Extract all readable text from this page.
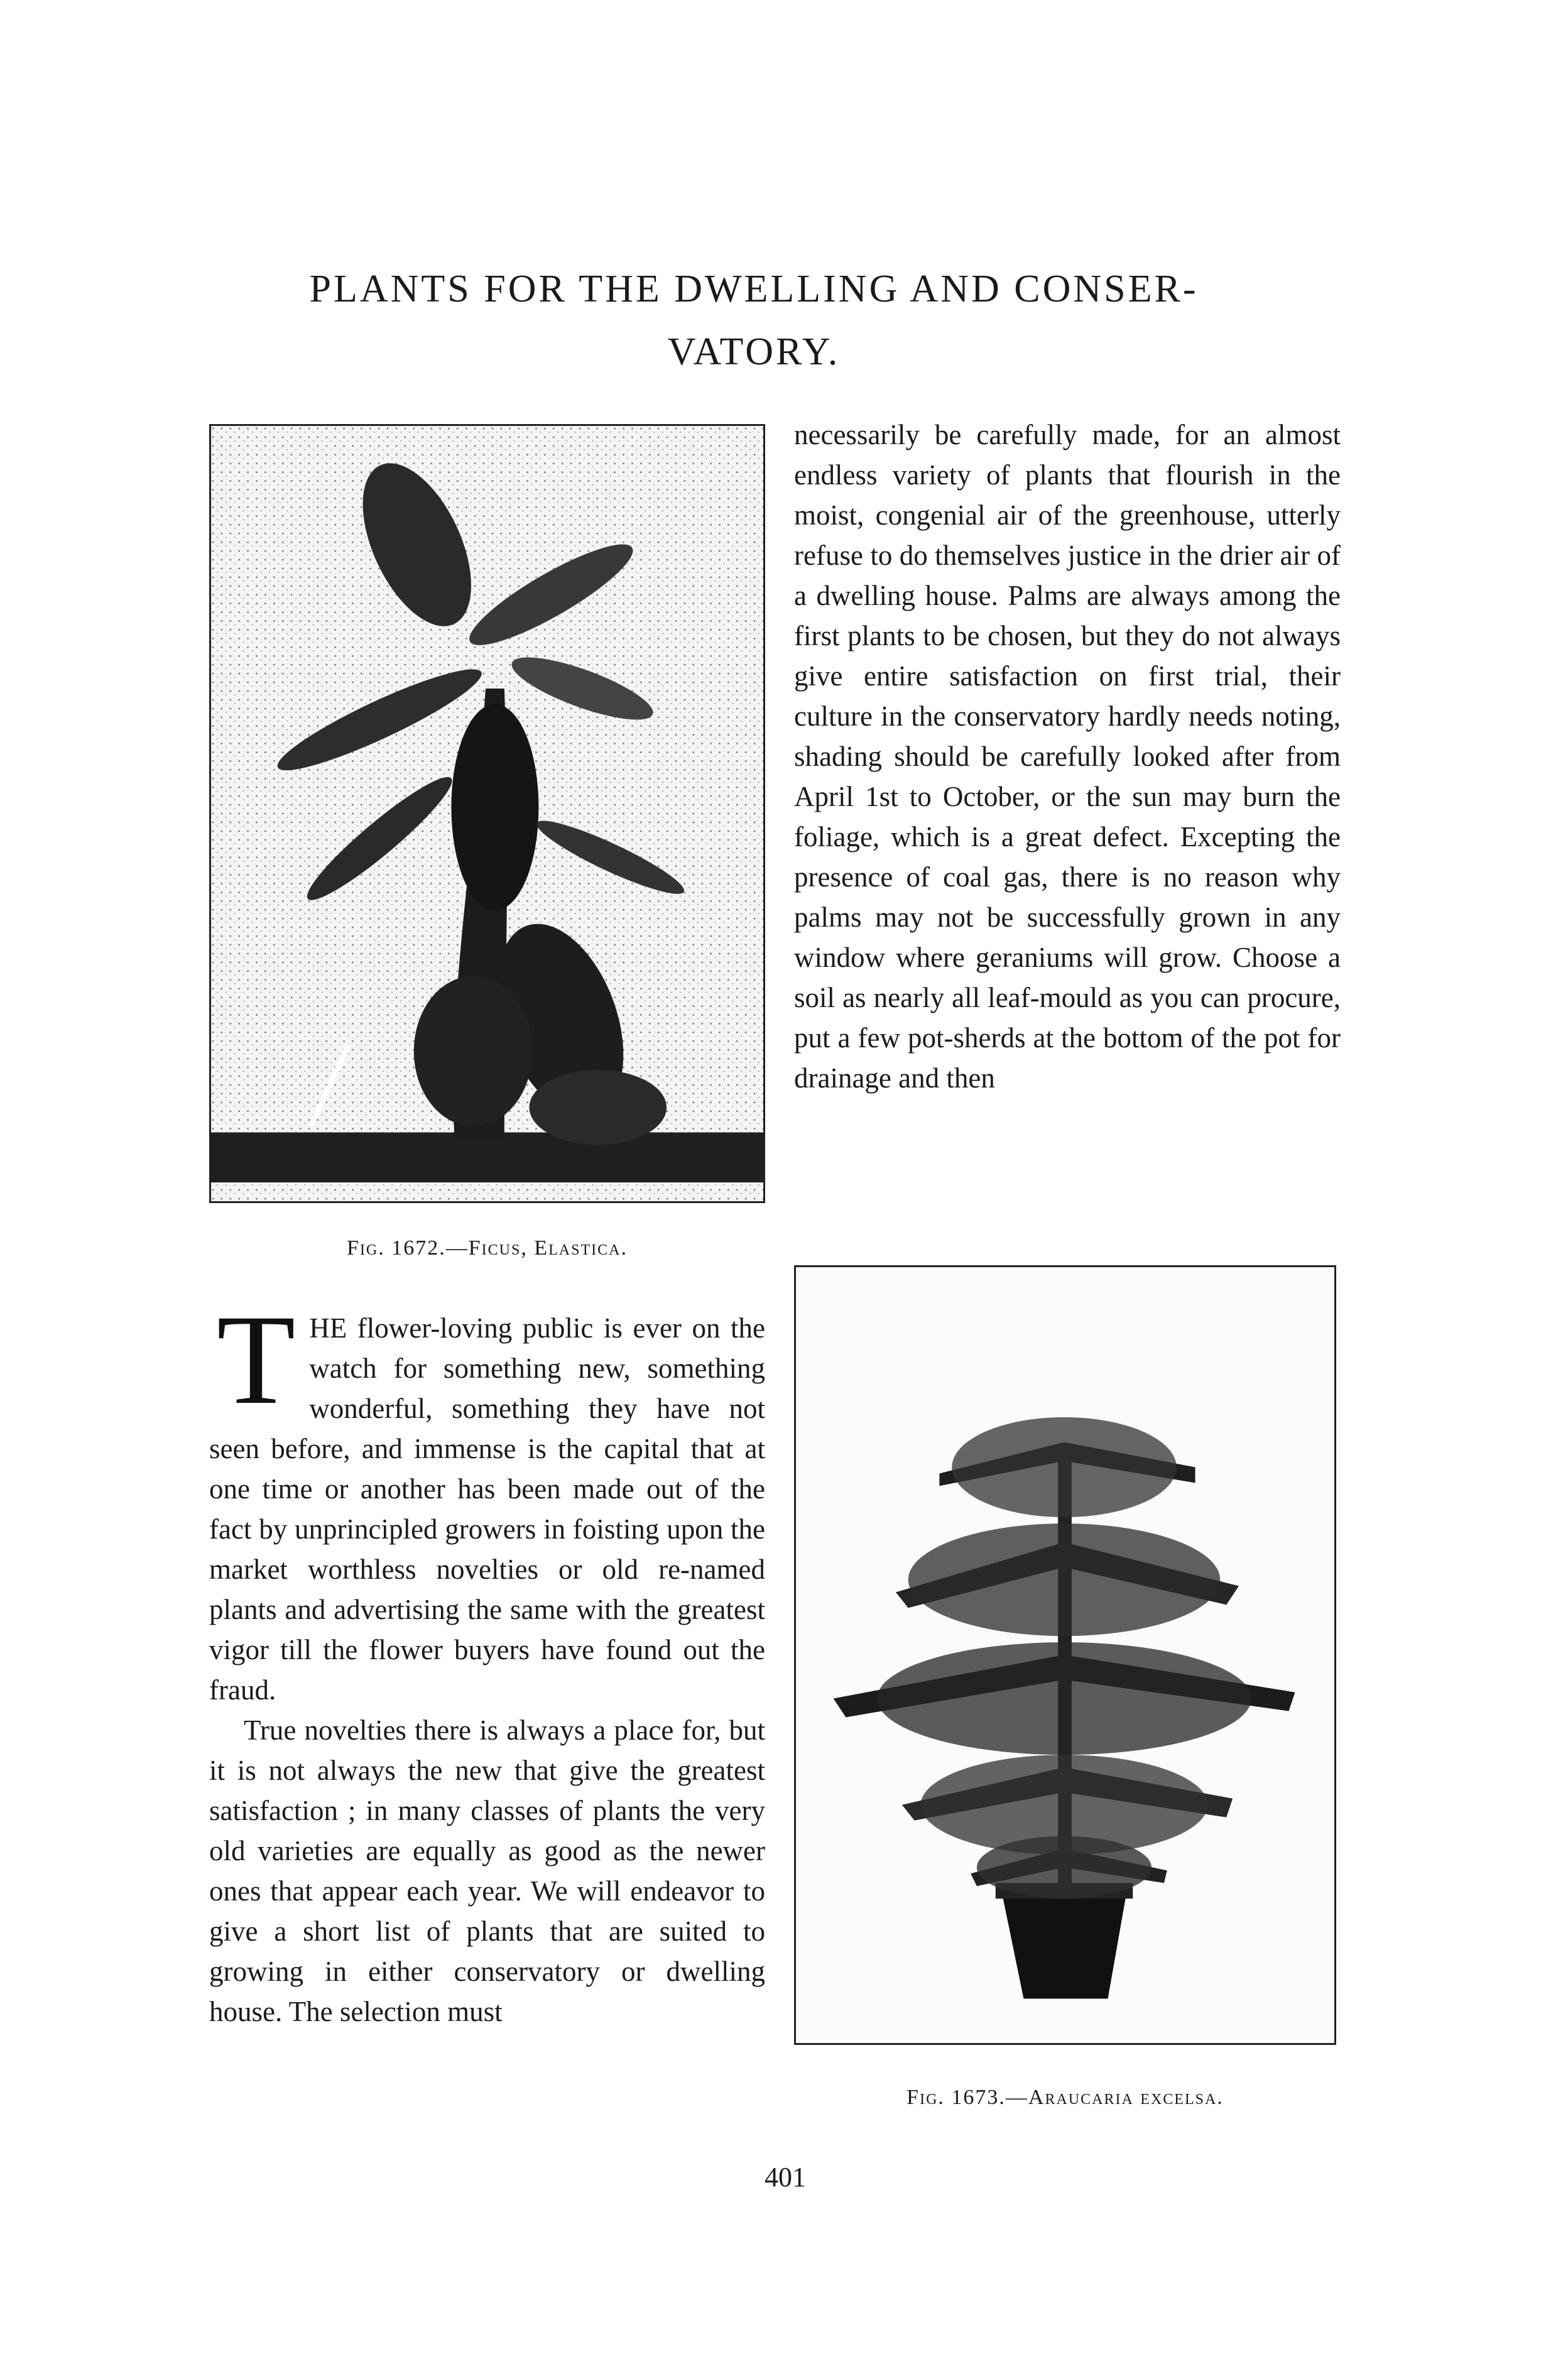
PLANTS FOR THE DWELLING AND CONSER-
VATORY.

Fig. 1672.—Ficus, Elastica.

necessarily be carefully made, for an almost endless variety of plants that flourish in the moist, congenial air of the greenhouse, utterly refuse to do themselves justice in the drier air of a dwelling house. Palms are always among the first plants to be chosen, but they do not always give entire satisfaction on first trial, their culture in the conservatory hardly needs noting, shading should be carefully looked after from April 1st to October, or the sun may burn the foliage, which is a great defect. Excepting the presence of coal gas, there is no reason why palms may not be successfully grown in any window where geraniums will grow. Choose a soil as nearly all leaf-mould as you can procure, put a few pot-sherds at the bottom of the pot for drainage and then

THE flower-loving public is ever on the watch for something new, something wonderful, something they have not seen before, and immense is the capital that at one time or another has been made out of the fact by unprincipled growers in foisting upon the market worthless novelties or old re-named plants and advertising the same with the greatest vigor till the flower buyers have found out the fraud.

True novelties there is always a place for, but it is not always the new that give the greatest satisfaction ; in many classes of plants the very old varieties are equally as good as the newer ones that appear each year. We will endeavor to give a short list of plants that are suited to growing in either conservatory or dwelling house. The selection must

Fig. 1673.—Araucaria excelsa.

401
